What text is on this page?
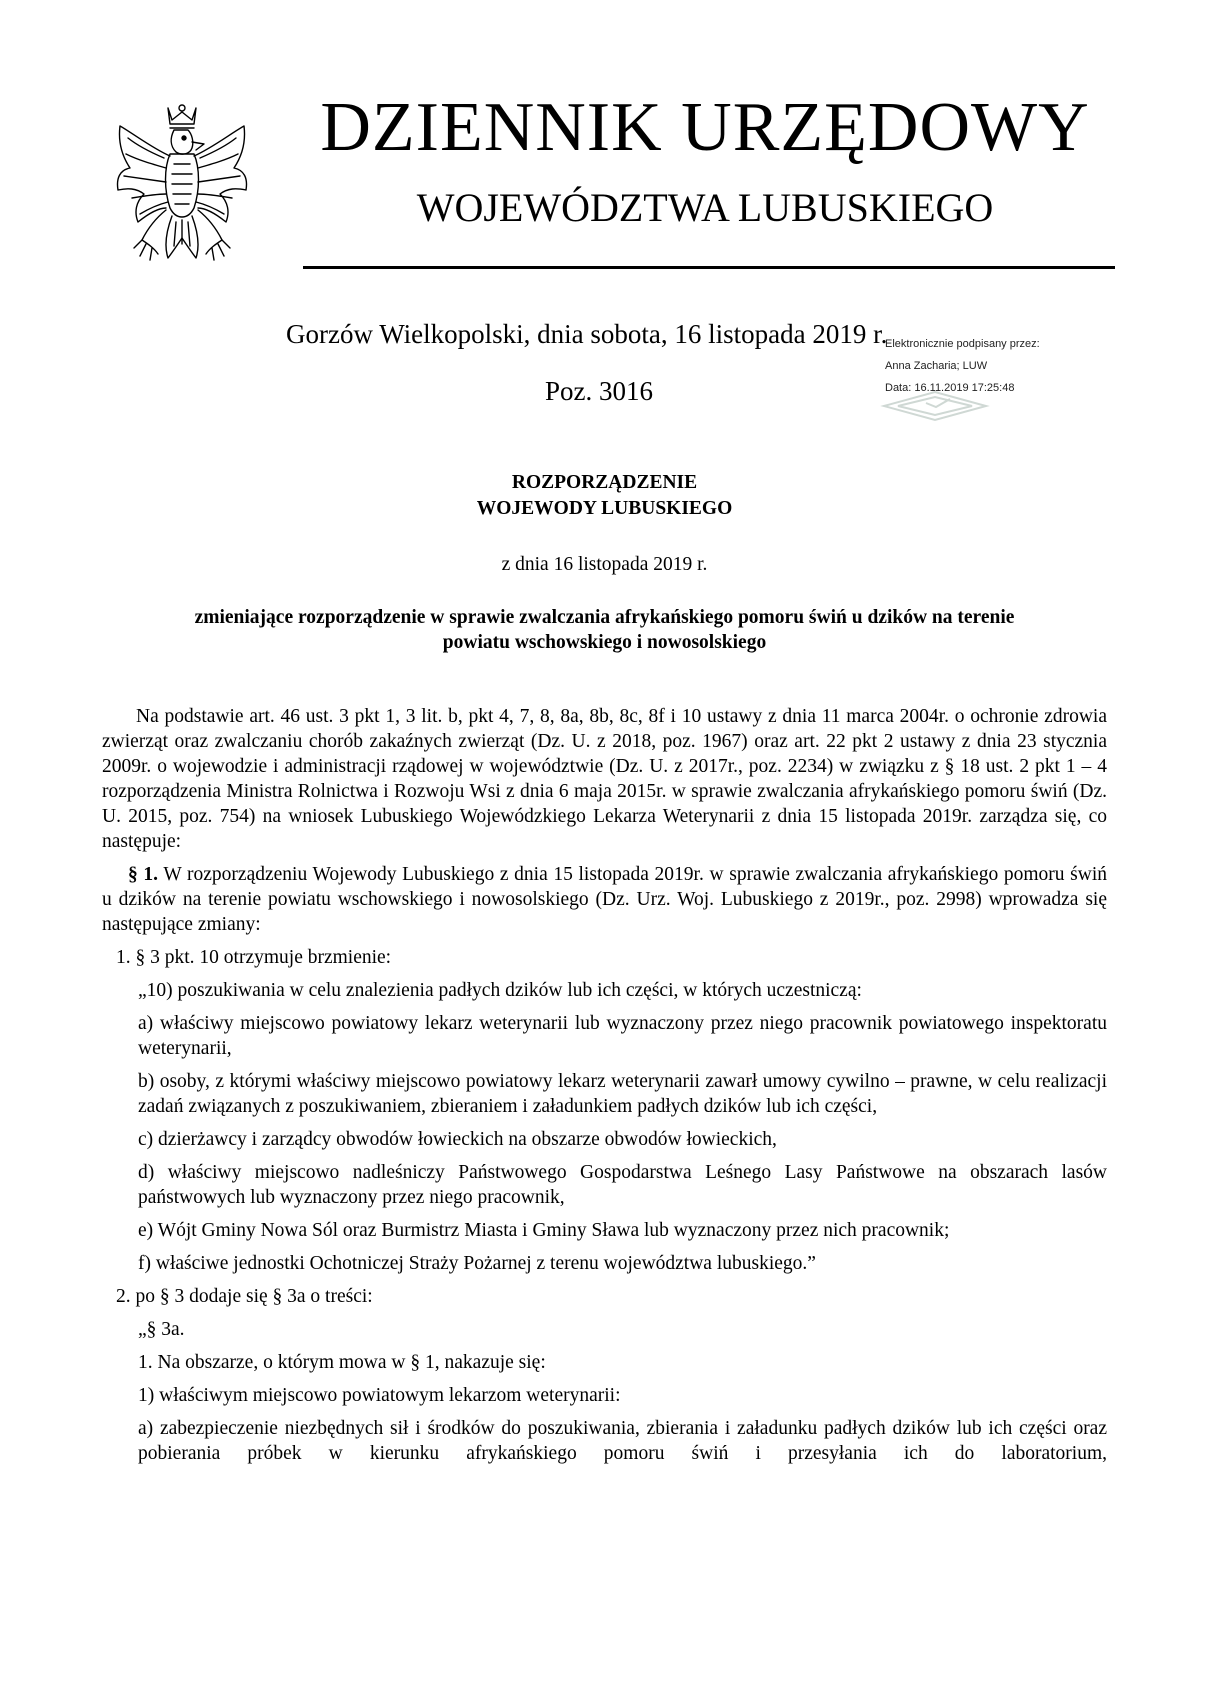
DZIENNIK URZĘDOWY
WOJEWÓDZTWA LUBUSKIEGO
Gorzów Wielkopolski, dnia sobota, 16 listopada 2019 r.
Poz. 3016
Elektronicznie podpisany przez:
Anna Zacharia; LUW
Data: 16.11.2019 17:25:48
ROZPORZĄDZENIE
WOJEWODY LUBUSKIEGO
z dnia 16 listopada 2019 r.
zmieniające rozporządzenie w sprawie zwalczania afrykańskiego pomoru świń u dzików na terenie
powiatu wschowskiego i nowosolskiego

Na podstawie art. 46 ust. 3 pkt 1, 3 lit. b, pkt 4, 7, 8, 8a, 8b, 8c, 8f i 10 ustawy z dnia 11 marca 2004r. o ochronie zdrowia zwierząt oraz zwalczaniu chorób zakaźnych zwierząt (Dz. U. z 2018, poz. 1967) oraz art. 22 pkt 2 ustawy z dnia 23 stycznia 2009r. o wojewodzie i administracji rządowej w województwie (Dz. U. z 2017r., poz. 2234) w związku z § 18 ust. 2 pkt 1 – 4 rozporządzenia Ministra Rolnictwa i Rozwoju Wsi z dnia 6 maja 2015r. w sprawie zwalczania afrykańskiego pomoru świń (Dz. U. 2015, poz. 754) na wniosek Lubuskiego Wojewódzkiego Lekarza Weterynarii z dnia 15 listopada 2019r. zarządza się, co następuje:

§ 1. W rozporządzeniu Wojewody Lubuskiego z dnia 15 listopada 2019r. w sprawie zwalczania afrykańskiego pomoru świń u dzików na terenie powiatu wschowskiego i nowosolskiego (Dz. Urz. Woj. Lubuskiego z 2019r., poz. 2998) wprowadza się następujące zmiany:

1. § 3 pkt. 10 otrzymuje brzmienie:

„10) poszukiwania w celu znalezienia padłych dzików lub ich części, w których uczestniczą:

a) właściwy miejscowo powiatowy lekarz weterynarii lub wyznaczony przez niego pracownik powiatowego inspektoratu weterynarii,

b) osoby, z którymi właściwy miejscowo powiatowy lekarz weterynarii zawarł umowy cywilno – prawne, w celu realizacji zadań związanych z poszukiwaniem, zbieraniem i załadunkiem padłych dzików lub ich części,

c) dzierżawcy i zarządcy obwodów łowieckich na obszarze obwodów łowieckich,

d) właściwy miejscowo nadleśniczy Państwowego Gospodarstwa Leśnego Lasy Państwowe na obszarach lasów państwowych lub wyznaczony przez niego pracownik,

e) Wójt Gminy Nowa Sól oraz Burmistrz Miasta i Gminy Sława lub wyznaczony przez nich pracownik;

f) właściwe jednostki Ochotniczej Straży Pożarnej z terenu województwa lubuskiego.”

2. po § 3 dodaje się § 3a o treści:

„§ 3a.

1. Na obszarze, o którym mowa w § 1, nakazuje się:

1) właściwym miejscowo powiatowym lekarzom weterynarii:

a) zabezpieczenie niezbędnych sił i środków do poszukiwania, zbierania i załadunku padłych dzików lub ich części oraz pobierania próbek w kierunku afrykańskiego pomoru świń i przesyłania ich do laboratorium,
